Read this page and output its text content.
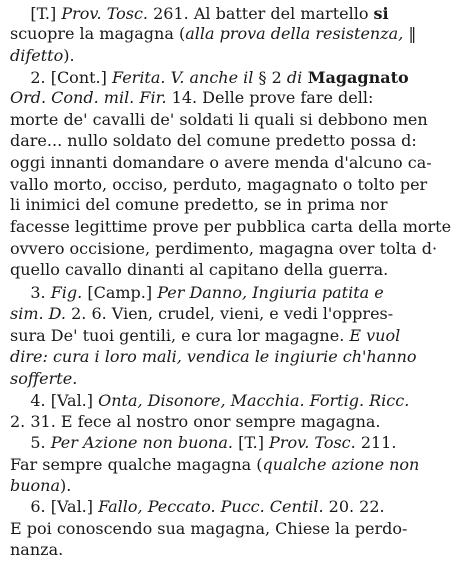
[T.] Prov. Tosc. 261. Al batter del martello si
scuopre la magagna (alla prova della resistenza, ‖
difetto).
2. [Cont.] Ferita. V. anche il § 2 di Magagnato
Ord. Cond. mil. Fir. 14. Delle prove fare dell:
morte de' cavalli de' soldati li quali si debbono men
dare... nullo soldato del comune predetto possa d:
oggi innanti domandare o avere menda d'alcuno ca-
vallo morto, occiso, perduto, magagnato o tolto per
li inimici del comune predetto, se in prima nor
facesse legittime prove per pubblica carta della morte
ovvero occisione, perdimento, magagna over tolta d·
quello cavallo dinanti al capitano della guerra.
3. Fig. [Camp.] Per Danno, Ingiuria patita e
sim. D. 2. 6. Vien, crudel, vieni, e vedi l'oppres-
sura De' tuoi gentili, e cura lor magagne. E vuol
dire: cura i loro mali, vendica le ingiurie ch'hanno
sofferte.
4. [Val.] Onta, Disonore, Macchia. Fortig. Ricc.
2. 31. E fece al nostro onor sempre magagna.
5. Per Azione non buona. [T.] Prov. Tosc. 211.
Far sempre qualche magagna (qualche azione non
buona).
6. [Val.] Fallo, Peccato. Pucc. Centil. 20. 22.
E poi conoscendo sua magagna, Chiese la perdo-
nanza.
